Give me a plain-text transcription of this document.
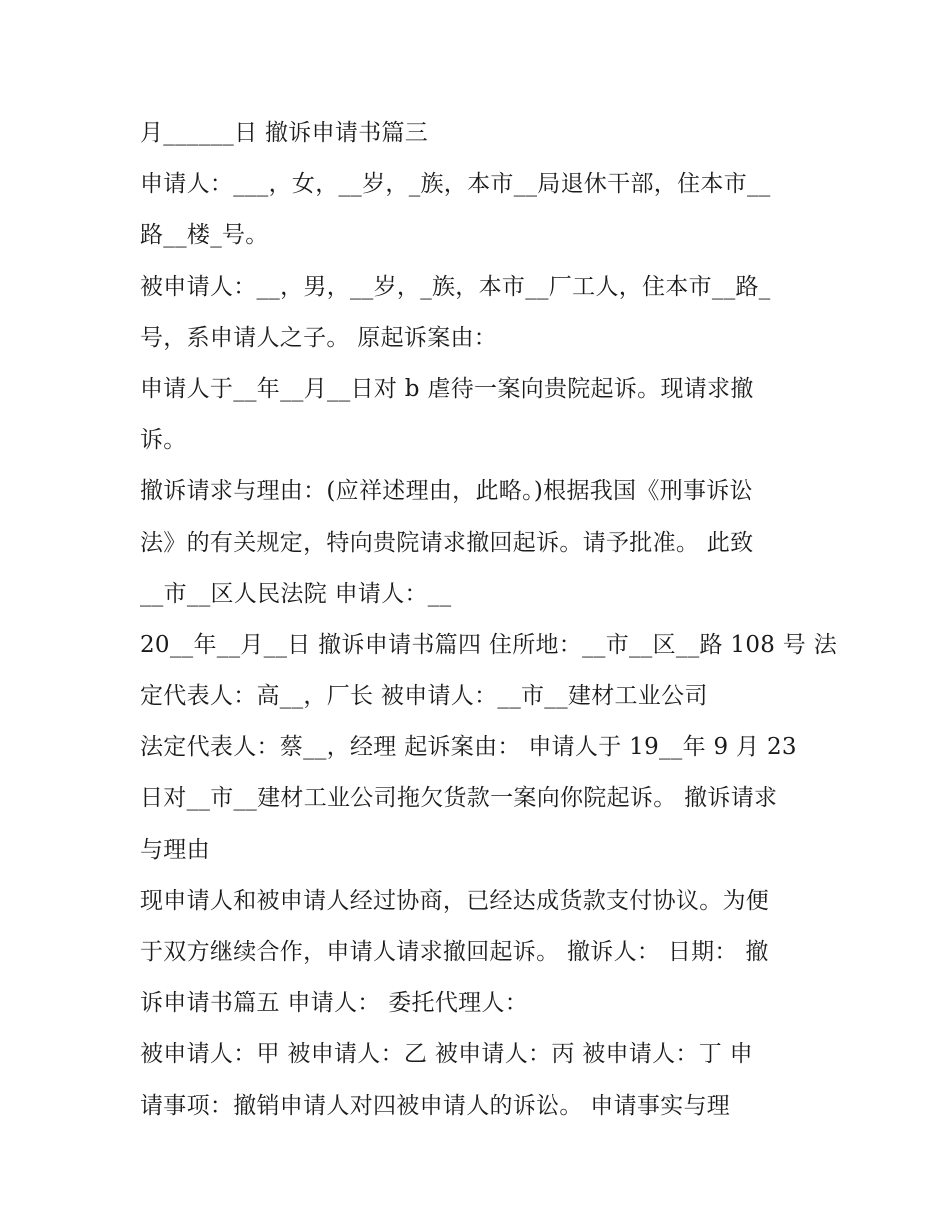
月______日 撤诉申请书篇三
申请人：___，女，__岁，_族，本市__局退休干部，住本市__
路__楼_号。
被申请人：__，男，__岁，_族，本市__厂工人，住本市__路_
号，系申请人之子。 原起诉案由：
申请人于__年__月__日对 b 虐待一案向贵院起诉。现请求撤
诉。
撤诉请求与理由：(应祥述理由，此略。)根据我国《刑事诉讼
法》的有关规定，特向贵院请求撤回起诉。请予批准。 此致
__市__区人民法院 申请人：__
20__年__月__日 撤诉申请书篇四 住所地：__市__区__路 108 号 法
定代表人：高__，厂长 被申请人：__市__建材工业公司
法定代表人：蔡__，经理 起诉案由： 申请人于 19__年 9 月 23
日对__市__建材工业公司拖欠货款一案向你院起诉。 撤诉请求
与理由
现申请人和被申请人经过协商，已经达成货款支付协议。为便
于双方继续合作，申请人请求撤回起诉。 撤诉人： 日期： 撤
诉申请书篇五 申请人： 委托代理人：
被申请人：甲 被申请人：乙 被申请人：丙 被申请人：丁 申
请事项：撤销申请人对四被申请人的诉讼。 申请事实与理
